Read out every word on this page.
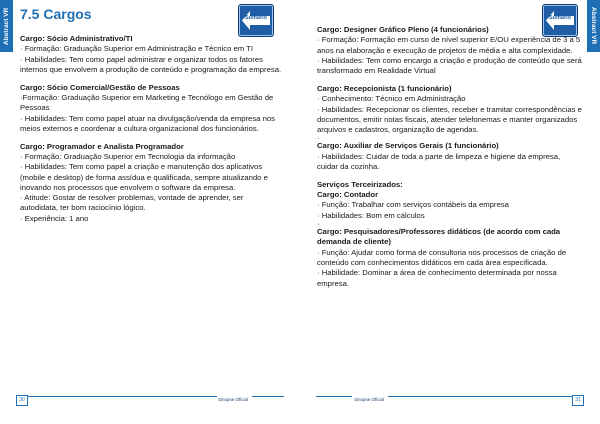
Abstract VR 7.5 Cargos	Sumário

Cargo: Sócio Administrativo/TI

· Formação: Graduação Superior em Administração e Técnico em TI

· Habilidades: Tem como papel administrar e organizar todos os fatores internos que envolvem a produção de conteúdo e programação da empresa.

Cargo: Sócio Comercial/Gestão de Pessoas

·Formação: Graduação Superior em Marketing e Tecnólogo em Gestão de Pessoas

· Habilidades: Tem como papel atuar na divulgação/venda da empresa nos meios externos e coordenar a cultura organizacional dos funcionários.

Cargo: Programador e Analista Programador

· Formação: Graduação Superior em Tecnologia da informação

· Habilidades: Tem como papel a criação e manutenção dos aplicativos (mobile e desktop) de forma assídua e qualificada, sempre atualizando e inovando nos processos que envolvem o software da empresa.

· Atitude: Gostar de resolver problemas, vontade de aprender, ser autodidata, ter bom raciocínio lógico.

· Experiência: 1 ano

30	Sinopse Oficial
Abstract VR
Sumário

Cargo: Designer Gráfico Pleno (4 funcionários)

· Formação: Formação em curso de nível superior E/OU experiência de 3 a 5 anos na elaboração e execução de projetos de média e alta complexidade.

· Habilidades: Tem como encargo a criação e produção de conteúdo que será transformado em Realidade Virtual

Cargo: Recepcionista (1 funcionário)

· Conhecimento: Técnico em Administração

· Habilidades: Recepcionar os clientes, receber e tramitar correspondências e documentos, emitir notas fiscais, atender telefonemas e manter organizados arquivos e cadastros, organização de agendas.

·

Cargo: Auxiliar de Serviços Gerais (1 funcionário)

· Habilidades: Cuidar de toda a parte de limpeza e higiene da empresa, cuidar da cozinha.

Serviços Terceirizados:

Cargo: Contador

· Função: Trabalhar com serviços contábeis da empresa

· Habilidades: Bom em cálculos

·

Cargo: Pesquisadores/Professores didáticos (de acordo com cada demanda de cliente)

· Função: Ajudar como forma de consultoria nos processos de criação de conteúdo com conhecimentos didáticos em cada área especificada.

· Habilidade: Dominar a área de conhecimento determinada por nossa empresa.

Sinopse Oficial	31
